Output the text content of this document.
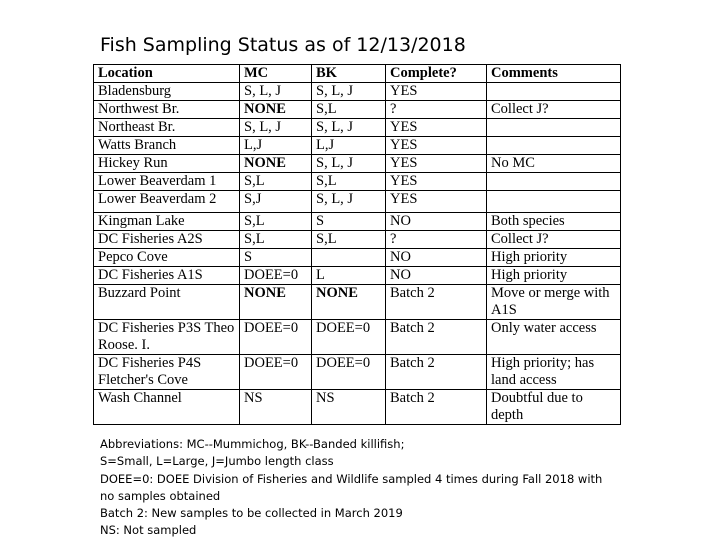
Fish Sampling Status as of 12/13/2018
Location	MC	BK	Complete?	Comments
Bladensburg	S, L, J	S, L, J	YES	
Northwest Br.	NONE	S,L	?	Collect J?
Northeast Br.	S, L, J	S, L, J	YES	
Watts Branch	L,J	L,J	YES	
Hickey Run	NONE	S, L, J	YES	No MC
Lower Beaverdam 1	S,L	S,L	YES	
Lower Beaverdam 2	S,J	S, L, J	YES	
Kingman Lake	S,L	S	NO	Both species
DC Fisheries A2S	S,L	S,L	?	Collect J?
Pepco Cove	S		NO	High priority
DC Fisheries A1S	DOEE=0	L	NO	High priority
Buzzard Point	NONE	NONE	Batch 2	Move or merge with A1S
DC Fisheries P3S Theo Roose. I.	DOEE=0	DOEE=0	Batch 2	Only water access
DC Fisheries P4S Fletcher's Cove	DOEE=0	DOEE=0	Batch 2	High priority; has land access
Wash Channel	NS	NS	Batch 2	Doubtful due to depth
Abbreviations: MC--Mummichog, BK--Banded killifish;
S=Small, L=Large, J=Jumbo length class
DOEE=0: DOEE Division of Fisheries and Wildlife sampled 4 times during Fall 2018 with
no samples obtained
Batch 2: New samples to be collected in March 2019
NS: Not sampled
